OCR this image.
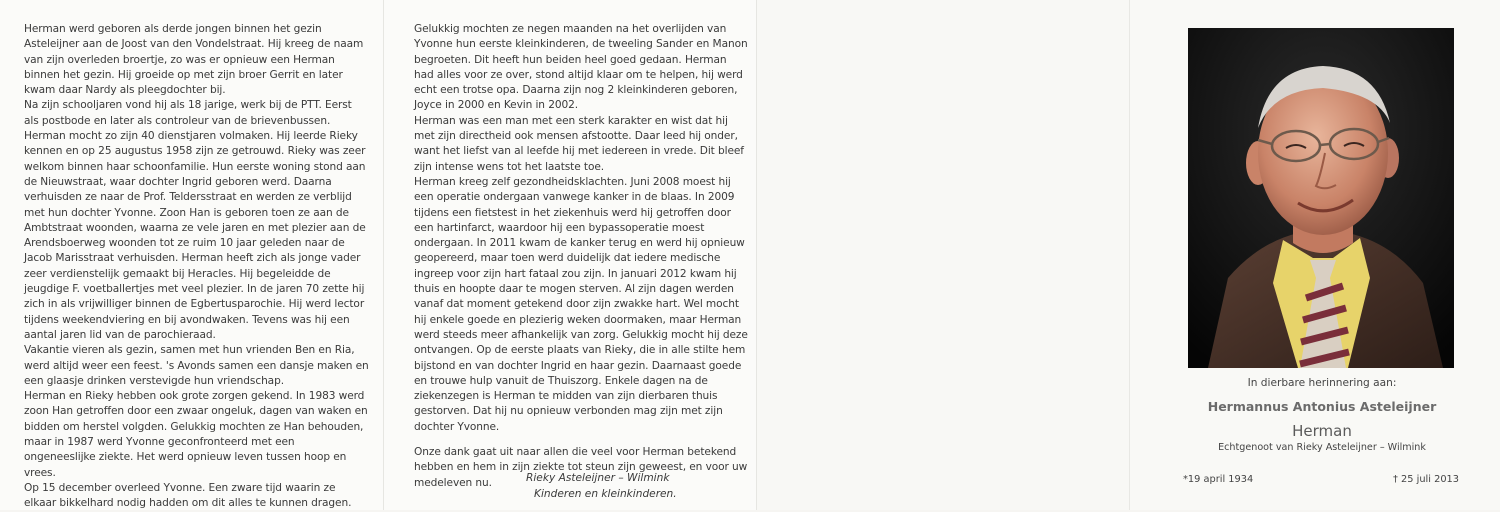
Herman werd geboren als derde jongen binnen het gezin Asteleijner aan de Joost van den Vondelstraat. Hij kreeg de naam van zijn overleden broertje, zo was er opnieuw een Herman binnen het gezin. Hij groeide op met zijn broer Gerrit en later kwam daar Nardy als pleegdochter bij.

Na zijn schooljaren vond hij als 18 jarige, werk bij de PTT. Eerst als postbode en later als controleur van de brievenbussen. Herman mocht zo zijn 40 dienstjaren volmaken. Hij leerde Rieky kennen en op 25 augustus 1958 zijn ze getrouwd. Rieky was zeer welkom binnen haar schoonfamilie. Hun eerste woning stond aan de Nieuwstraat, waar dochter Ingrid geboren werd. Daarna verhuisden ze naar de Prof. Teldersstraat en werden ze verblijd met hun dochter Yvonne. Zoon Han is geboren toen ze aan de Ambtstraat woonden, waarna ze vele jaren en met plezier aan de Arendsboerweg woonden tot ze ruim 10 jaar geleden naar de Jacob Marisstraat verhuisden. Herman heeft zich als jonge vader zeer verdienstelijk gemaakt bij Heracles. Hij begeleidde de jeugdige F. voetballertjes met veel plezier. In de jaren 70 zette hij zich in als vrijwilliger binnen de Egbertusparochie. Hij werd lector tijdens weekendviering en bij avondwaken. Tevens was hij een aantal jaren lid van de parochieraad.

Vakantie vieren als gezin, samen met hun vrienden Ben en Ria, werd altijd weer een feest. 's Avonds samen een dansje maken en een glaasje drinken verstevigde hun vriendschap.

Herman en Rieky hebben ook grote zorgen gekend. In 1983 werd zoon Han getroffen door een zwaar ongeluk, dagen van waken en bidden om herstel volgden. Gelukkig mochten ze Han behouden, maar in 1987 werd Yvonne geconfronteerd met een ongeneeslijke ziekte. Het werd opnieuw leven tussen hoop en vrees.

Op 15 december overleed Yvonne. Een zware tijd waarin ze elkaar bikkelhard nodig hadden om dit alles te kunnen dragen.

Gelukkig mochten ze negen maanden na het overlijden van Yvonne hun eerste kleinkinderen, de tweeling Sander en Manon begroeten. Dit heeft hun beiden heel goed gedaan. Herman had alles voor ze over, stond altijd klaar om te helpen, hij werd echt een trotse opa. Daarna zijn nog 2 kleinkinderen geboren, Joyce in 2000 en Kevin in 2002.

Herman was een man met een sterk karakter en wist dat hij met zijn directheid ook mensen afstootte. Daar leed hij onder, want het liefst van al leefde hij met iedereen in vrede. Dit bleef zijn intense wens tot het laatste toe.

Herman kreeg zelf gezondheidsklachten. Juni 2008 moest hij een operatie ondergaan vanwege kanker in de blaas. In 2009 tijdens een fietstest in het ziekenhuis werd hij getroffen door een hartinfarct, waardoor hij een bypassoperatie moest ondergaan. In 2011 kwam de kanker terug en werd hij opnieuw geopereerd, maar toen werd duidelijk dat iedere medische ingreep voor zijn hart fataal zou zijn. In januari 2012 kwam hij thuis en hoopte daar te mogen sterven. Al zijn dagen werden vanaf dat moment getekend door zijn zwakke hart. Wel mocht hij enkele goede en plezierig weken doormaken, maar Herman werd steeds meer afhankelijk van zorg. Gelukkig mocht hij deze ontvangen. Op de eerste plaats van Rieky, die in alle stilte hem bijstond en van dochter Ingrid en haar gezin. Daarnaast goede en trouwe hulp vanuit de Thuiszorg. Enkele dagen na de ziekenzegen is Herman te midden van zijn dierbaren thuis gestorven. Dat hij nu opnieuw verbonden mag zijn met zijn dochter Yvonne.

Onze dank gaat uit naar allen die veel voor Herman betekend hebben en hem in zijn ziekte tot steun zijn geweest, en voor uw medeleven nu.	Rieky Asteleijner – Wilmink
Kinderen en kleinkinderen.
In dierbare herinnering aan:
Hermannus Antonius Asteleijner
Herman
Echtgenoot van Rieky Asteleijner – Wilmink
*19 april 1934	† 25 juli 2013
